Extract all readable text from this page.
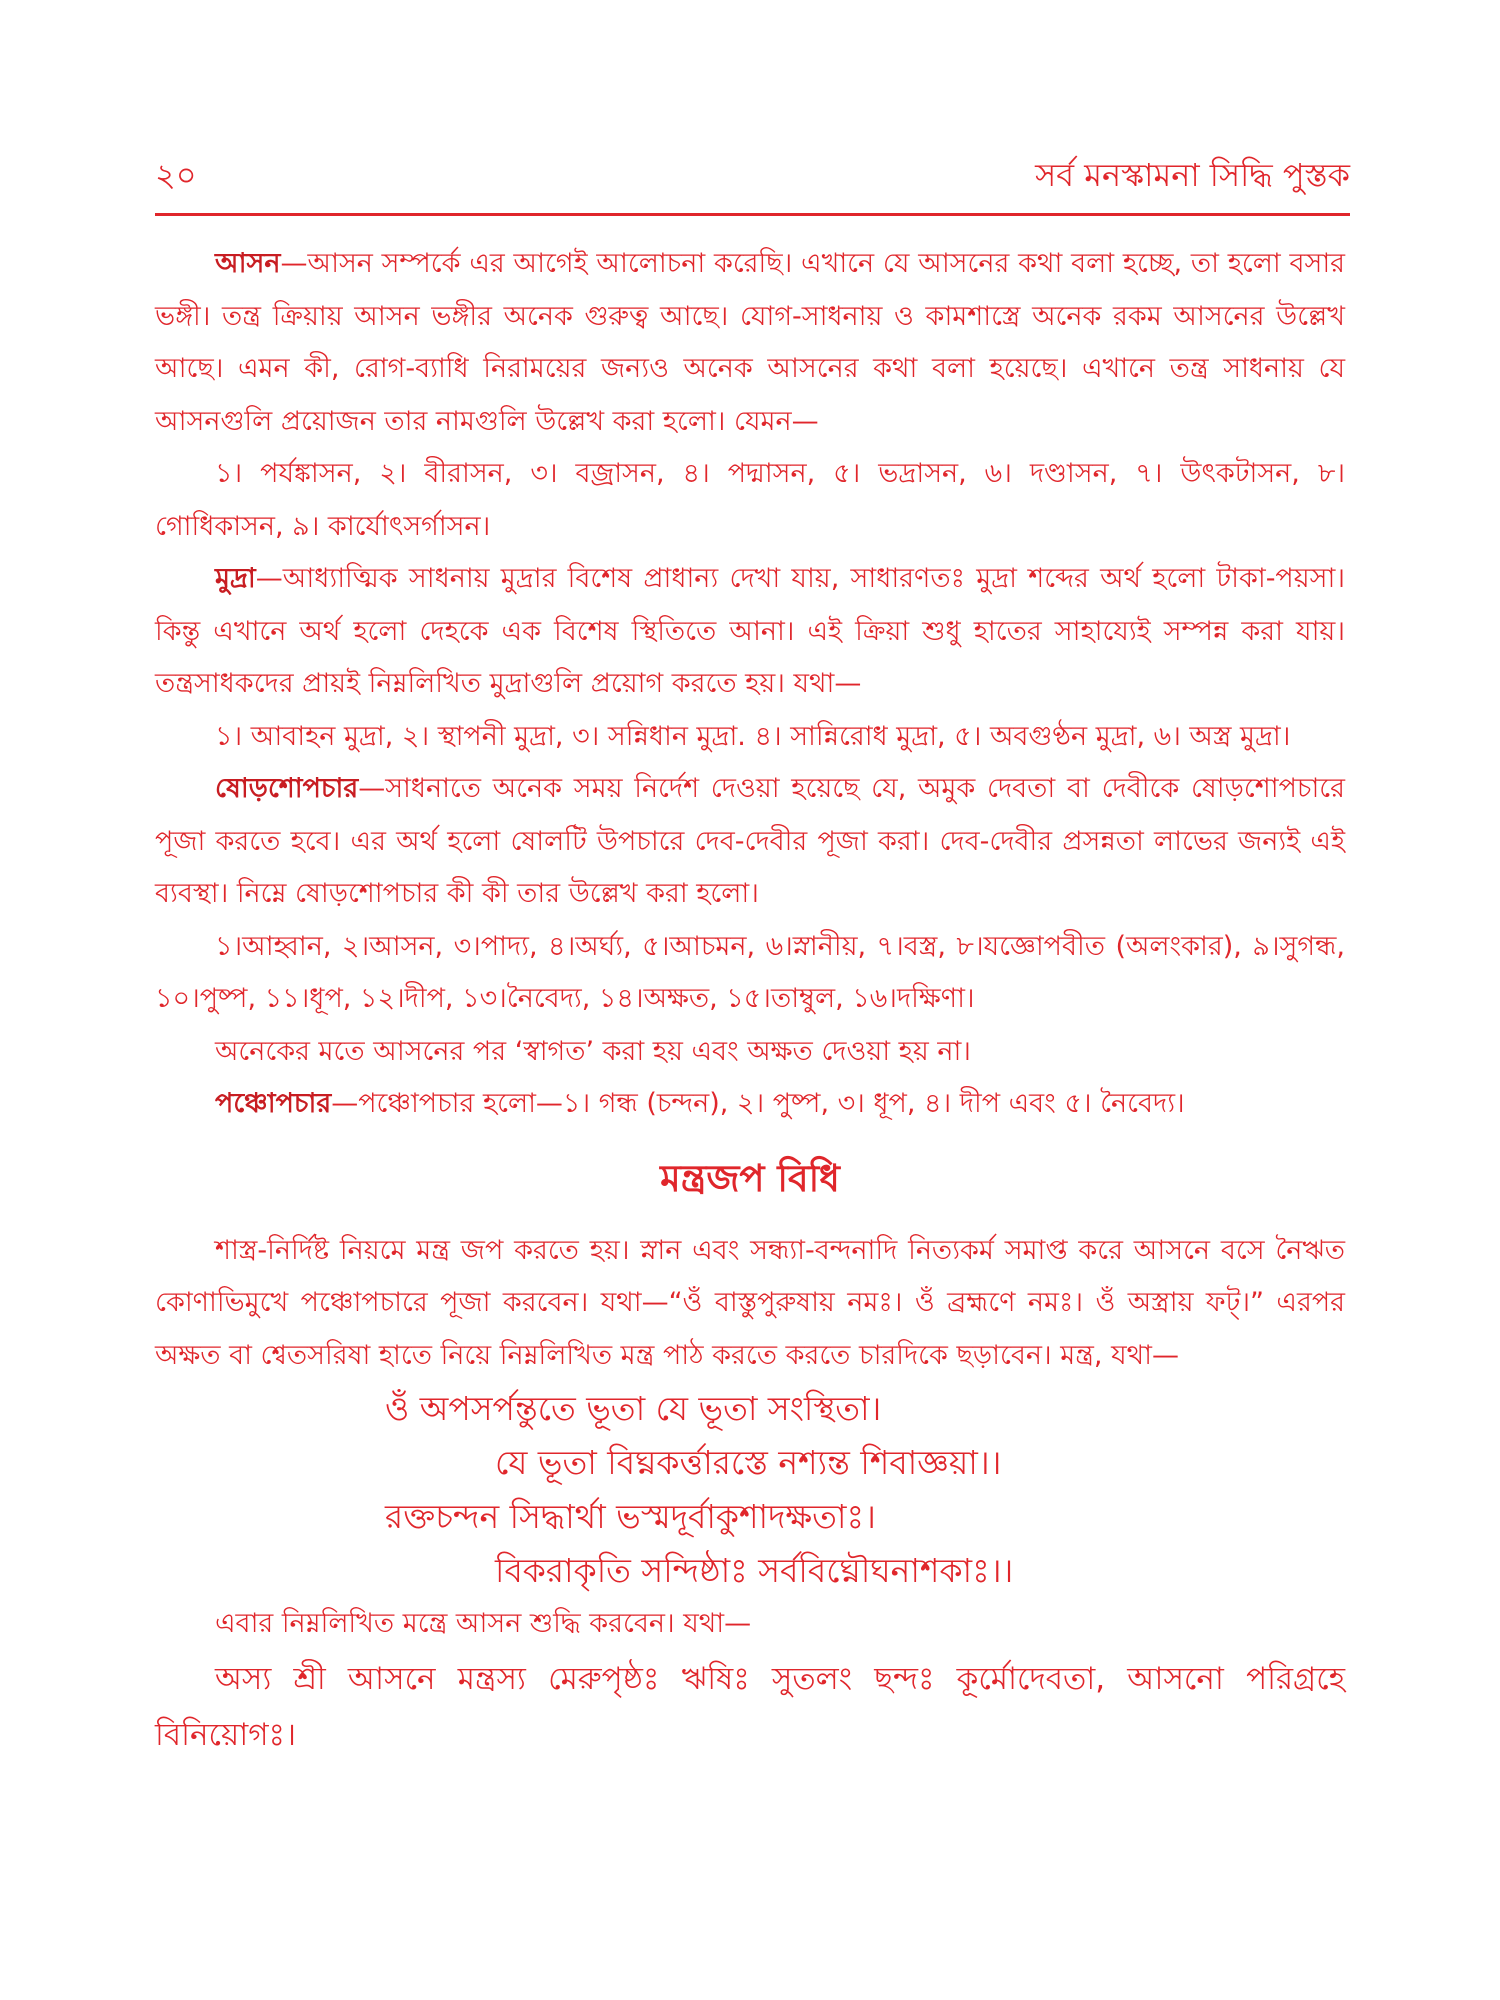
২০	সর্ব মনস্কামনা সিদ্ধি পুস্তক

আসন—আসন সম্পর্কে এর আগেই আলোচনা করেছি। এখানে যে আসনের কথা বলা হচ্ছে, তা হলো বসার ভঙ্গী। তন্ত্র ক্রিয়ায় আসন ভঙ্গীর অনেক গুরুত্ব আছে। যোগ-সাধনায় ও কামশাস্ত্রে অনেক রকম আসনের উল্লেখ আছে। এমন কী, রোগ-ব্যাধি নিরাময়ের জন্যও অনেক আসনের কথা বলা হয়েছে। এখানে তন্ত্র সাধনায় যে আসনগুলি প্রয়োজন তার নামগুলি উল্লেখ করা হলো। যেমন—

১। পর্যঙ্কাসন, ২। বীরাসন, ৩। বজ্রাসন, ৪। পদ্মাসন, ৫। ভদ্রাসন, ৬। দণ্ডাসন, ৭। উৎকটাসন, ৮। গোধিকাসন, ৯। কার্যোৎসর্গাসন।

মুদ্রা—আধ্যাত্মিক সাধনায় মুদ্রার বিশেষ প্রাধান্য দেখা যায়, সাধারণতঃ মুদ্রা শব্দের অর্থ হলো টাকা-পয়সা। কিন্তু এখানে অর্থ হলো দেহকে এক বিশেষ স্থিতিতে আনা। এই ক্রিয়া শুধু হাতের সাহায্যেই সম্পন্ন করা যায়। তন্ত্রসাধকদের প্রায়ই নিম্নলিখিত মুদ্রাগুলি প্রয়োগ করতে হয়। যথা—

১। আবাহন মুদ্রা, ২। স্থাপনী মুদ্রা, ৩। সন্নিধান মুদ্রা. ৪। সান্নিরোধ মুদ্রা, ৫। অবগুণ্ঠন মুদ্রা, ৬। অস্ত্র মুদ্রা।

ষোড়শোপচার—সাধনাতে অনেক সময় নির্দেশ দেওয়া হয়েছে যে, অমুক দেবতা বা দেবীকে ষোড়শোপচারে পূজা করতে হবে। এর অর্থ হলো ষোলটি উপচারে দেব-দেবীর পূজা করা। দেব-দেবীর প্রসন্নতা লাভের জন্যই এই ব্যবস্থা। নিম্নে ষোড়শোপচার কী কী তার উল্লেখ করা হলো।

১।আহ্বান, ২।আসন, ৩।পাদ্য, ৪।অর্ঘ্য, ৫।আচমন, ৬।স্নানীয়, ৭।বস্ত্র, ৮।যজ্ঞোপবীত (অলংকার), ৯।সুগন্ধ, ১০।পুষ্প, ১১।ধূপ, ১২।দীপ, ১৩।নৈবেদ্য, ১৪।অক্ষত, ১৫।তাম্বুল, ১৬।দক্ষিণা।

অনেকের মতে আসনের পর ‘স্বাগত’ করা হয় এবং অক্ষত দেওয়া হয় না।

পঞ্চোপচার—পঞ্চোপচার হলো—১। গন্ধ (চন্দন), ২। পুষ্প, ৩। ধূপ, ৪। দীপ এবং ৫। নৈবেদ্য।

মন্ত্রজপ বিধি

শাস্ত্র-নির্দিষ্ট নিয়মে মন্ত্র জপ করতে হয়। স্নান এবং সন্ধ্যা-বন্দনাদি নিত্যকর্ম সমাপ্ত করে আসনে বসে নৈঋত কোণাভিমুখে পঞ্চোপচারে পূজা করবেন। যথা—“ওঁ বাস্তুপুরুষায় নমঃ। ওঁ ব্রহ্মণে নমঃ। ওঁ অস্ত্রায় ফট্।” এরপর অক্ষত বা শ্বেতসরিষা হাতে নিয়ে নিম্নলিখিত মন্ত্র পাঠ করতে করতে চারদিকে ছড়াবেন। মন্ত্র, যথা—

ওঁ অপসর্পন্তুতে ভূতা যে ভূতা সংস্থিতা।
যে ভূতা বিঘ্নকর্ত্তারস্তে নশ্যন্ত শিবাজ্ঞয়া।।
রক্তচন্দন সিদ্ধার্থা ভস্মদূর্বাকুশাদক্ষতাঃ।
বিকরাকৃতি সন্দিষ্ঠাঃ সর্ববিঘ্নৌঘনাশকাঃ।।

এবার নিম্নলিখিত মন্ত্রে আসন শুদ্ধি করবেন। যথা—

অস্য শ্রী আসনে মন্ত্রস্য মেরুপৃষ্ঠঃ ঋষিঃ সুতলং ছন্দঃ কূর্মোদেবতা, আসনো পরিগ্রহে বিনিয়োগঃ।
